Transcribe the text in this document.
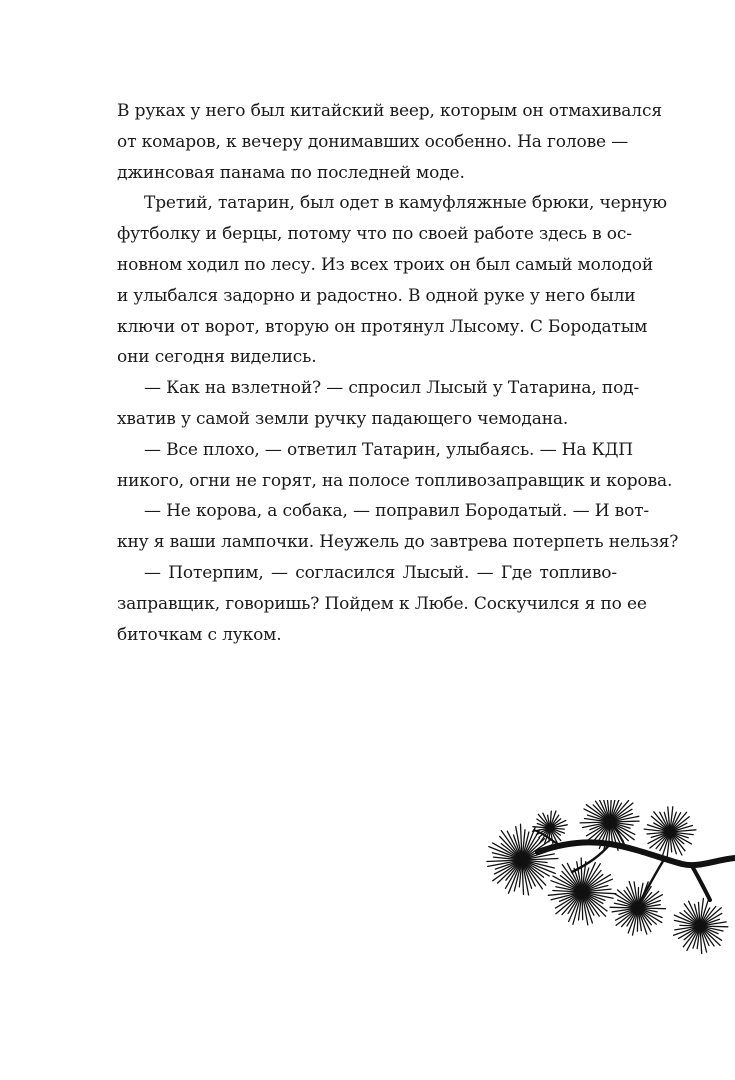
В руках у него был китайский веер, которым он отмахивался
от комаров, к вечеру донимавших особенно. На голове —
джинсовая панама по последней моде.
Третий, татарин, был одет в камуфляжные брюки, черную
футболку и берцы, потому что по своей работе здесь в ос-
новном ходил по лесу. Из всех троих он был самый молодой
и улыбался задорно и радостно. В одной руке у него были
ключи от ворот, вторую он протянул Лысому. С Бородатым
они сегодня виделись.
— Как на взлетной? — спросил Лысый у Татарина, под-
хватив у самой земли ручку падающего чемодана.
— Все плохо, — ответил Татарин, улыбаясь. — На КДП
никого, огни не горят, на полосе топливозаправщик и корова.
— Не корова, а собака, — поправил Бородатый. — И вот-
кну я ваши лампочки. Неужель до завтрева потерпеть нельзя?
— Потерпим, — согласился Лысый. — Где топливо-
заправщик, говоришь? Пойдем к Любе. Соскучился я по ее
биточкам с луком.
